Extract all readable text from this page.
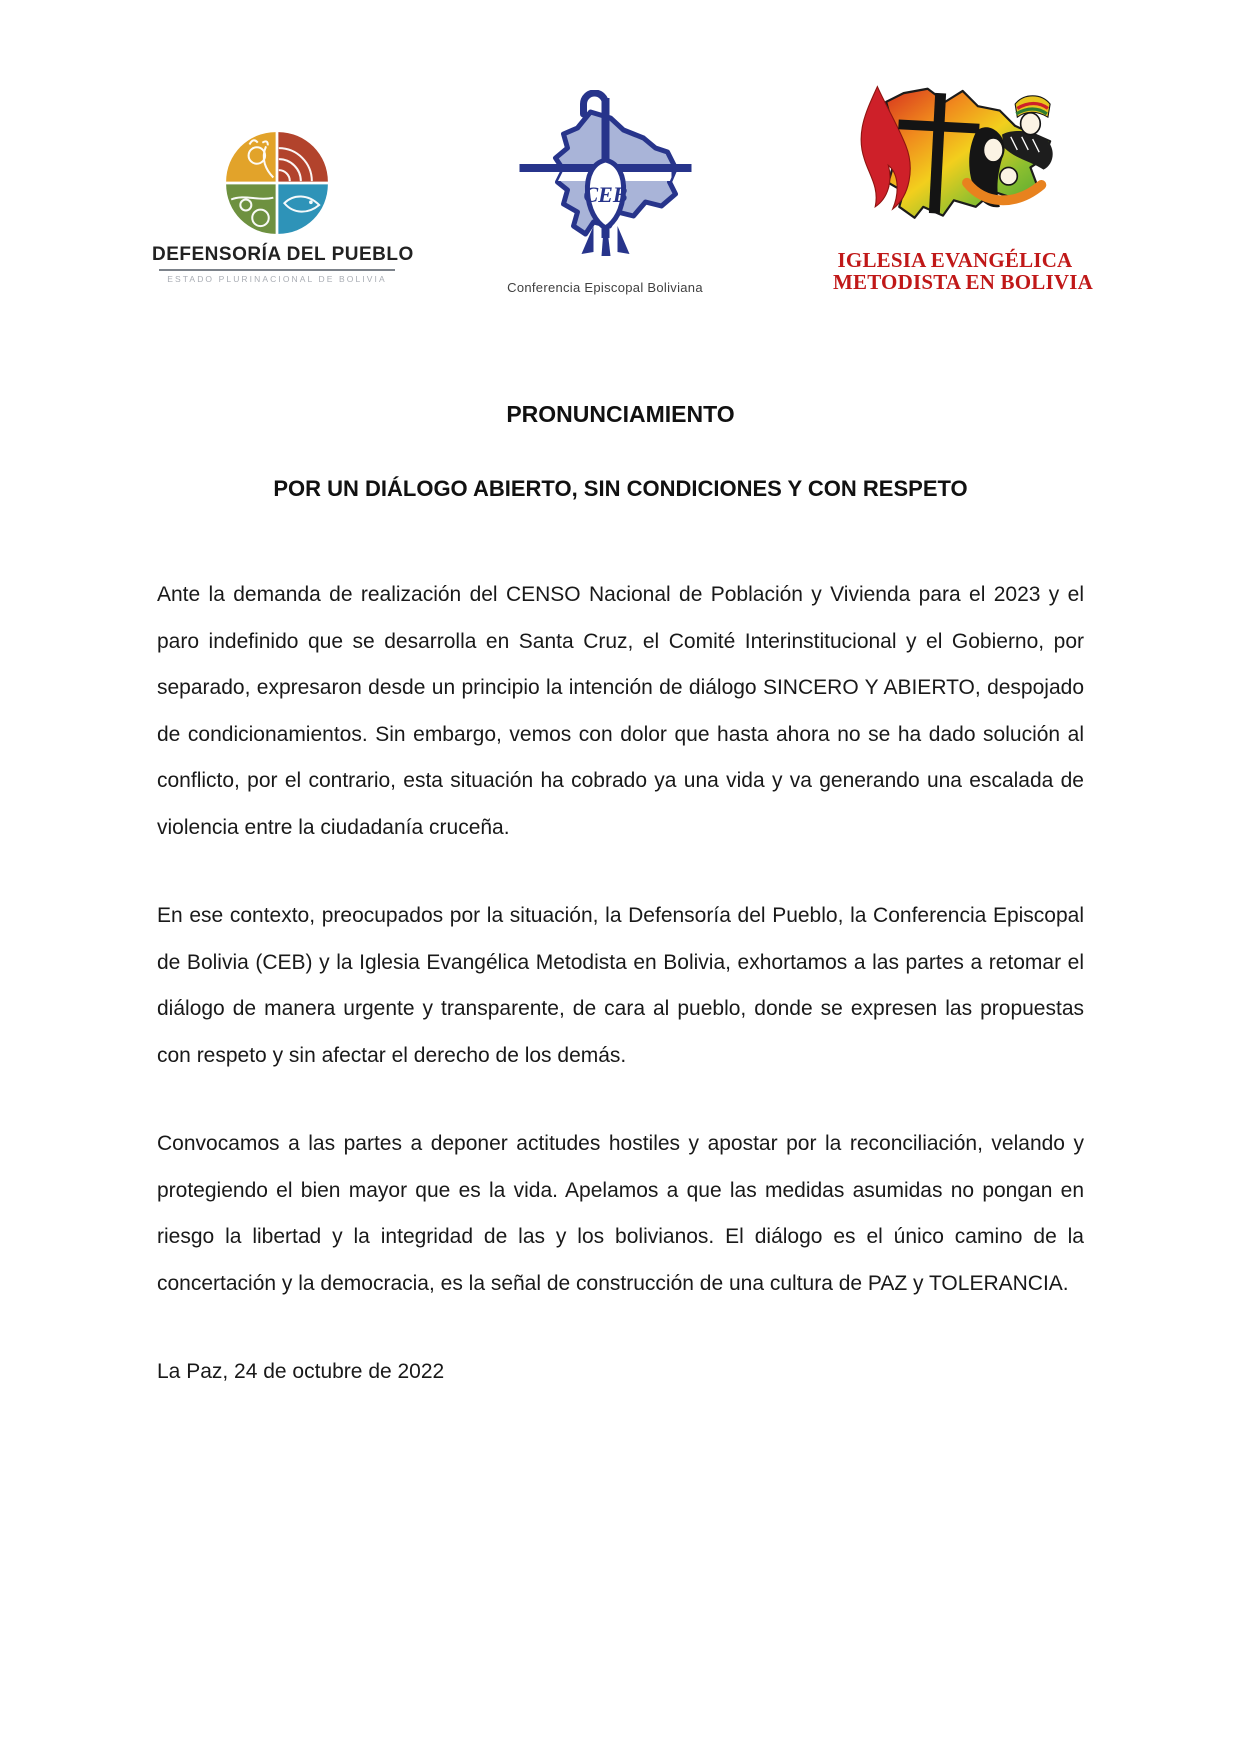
DEFENSORÍA DEL PUEBLO
ESTADO PLURINACIONAL DE BOLIVIA
CEB
Conferencia Episcopal Boliviana
IGLESIA EVANGÉLICA
METODISTA EN BOLIVIA
PRONUNCIAMIENTO
POR UN DIÁLOGO ABIERTO, SIN CONDICIONES Y CON RESPETO

Ante la demanda de realización del CENSO Nacional de Población y Vivienda para el 2023 y el paro indefinido que se desarrolla en Santa Cruz, el Comité Interinstitucional y el Gobierno, por separado, expresaron desde un principio la intención de diálogo SINCERO Y ABIERTO, despojado de condicionamientos. Sin embargo, vemos con dolor que hasta ahora no se ha dado solución al conflicto, por el contrario, esta situación ha cobrado ya una vida y va generando una escalada de violencia entre la ciudadanía cruceña.

En ese contexto, preocupados por la situación, la Defensoría del Pueblo, la Conferencia Episcopal de Bolivia (CEB) y la Iglesia Evangélica Metodista en Bolivia, exhortamos a las partes a retomar el diálogo de manera urgente y transparente, de cara al pueblo, donde se expresen las propuestas con respeto y sin afectar el derecho de los demás.

Convocamos a las partes a deponer actitudes hostiles y apostar por la reconciliación, velando y protegiendo el bien mayor que es la vida. Apelamos a que las medidas asumidas no pongan en riesgo la libertad y la integridad de las y los bolivianos. El diálogo es el único camino de la concertación y la democracia, es la señal de construcción de una cultura de PAZ y TOLERANCIA.

La Paz, 24 de octubre de 2022
